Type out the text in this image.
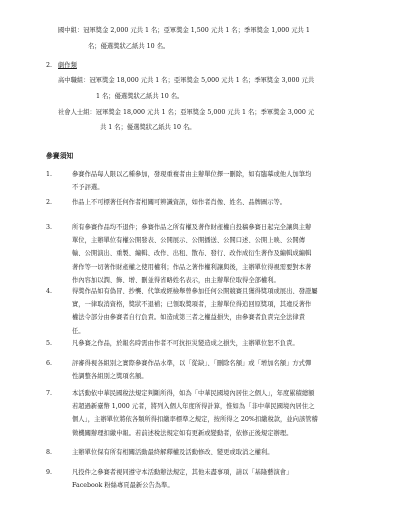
國中組：冠軍獎金 2,000 元共 1 名；亞軍獎金 1,500 元共 1 名；季軍獎金 1,000 元共 1
名；優選獎狀乙紙共 10 名。
2. 劇作類
高中職組：冠軍獎金 18,000 元共 1 名；亞軍獎金 5,000 元共 1 名；季軍獎金 3,000 元共
1 名；優選獎狀乙紙共 10 名。
社會人士組：冠軍獎金 18,000 元共 1 名；亞軍獎金 5,000 元共 1 名；季軍獎金 3,000 元
共 1 名；優選獎狀乙紙共 10 名。
參賽須知
1.	參賽作品每人限以乙種參加，發現重複者由主辦單位擇一刪除，如有臨摹或他人加筆均
不予評選。
2.	作品上不可標著任何作者相關可辨識資訊，如作者肖像、姓名、品牌圖示等。
3.	所有參賽作品均不退件；參賽作品之所有權及著作財產權自投稿參賽日起完全讓與主辦
單位，主辦單位有權公開發表、公開展示、公開播送、公開口述、公開上映、公開傳
輸、公開演出、重製、編輯、改作、出租、散布、發行、改作成衍生著作及編輯成編輯
著作等一切著作財產權之使用權利；作品之著作權利讓與後，主辦單位得視需要對本著
作內容加以潤、飾、增、刪並得省略姓名表示，由主辦單位取得全部權利。
4.	得獎作品如有偽冒、抄襲、代筆或經檢舉曾參加任何公開競賽且獲得獎項或展出、發證屬
實，一律取消資格，獎狀不退補；已領取獎項者，主辦單位得追回原獎項，其違反著作
權法令部分由參賽者自行負責。如造成第三者之權益損失，由參賽者負責完全法律責
任。
5.	凡參賽之作品，於報名時需由作者不可抗拒災變造成之損失，主辦單位恕不負責。
6.	評審得視各組別之實際參賽作品水準，以「從缺」、「刪除名額」或「增加名額」方式彈
性調整各組別之獎項名額。
7.	本活動依中華民國稅法規定判斷所得，如為「中華民國境內居住之個人」，年度累積總額
若超過新臺幣 1,000 元者，將列入個人年度所得計算，惟如為「非中華民國境內居住之
個人」，主辦單位將依各類所得扣繳率標準之規定，按所得之 20%扣繳稅款，並向該管稽
徵機關辦理扣繳申報。若前述稅法規定如有更新或變動者，依修正後規定辦理。
8.	主辦單位保有所有相關活動最終解釋權及活動修改、變更或取消之權利。
9.	凡投件之參賽者視同遵守本活動辦法規定，其他未盡事項，請以「基隆藝演會」
Facebook 粉絲專頁最新公告為準。
